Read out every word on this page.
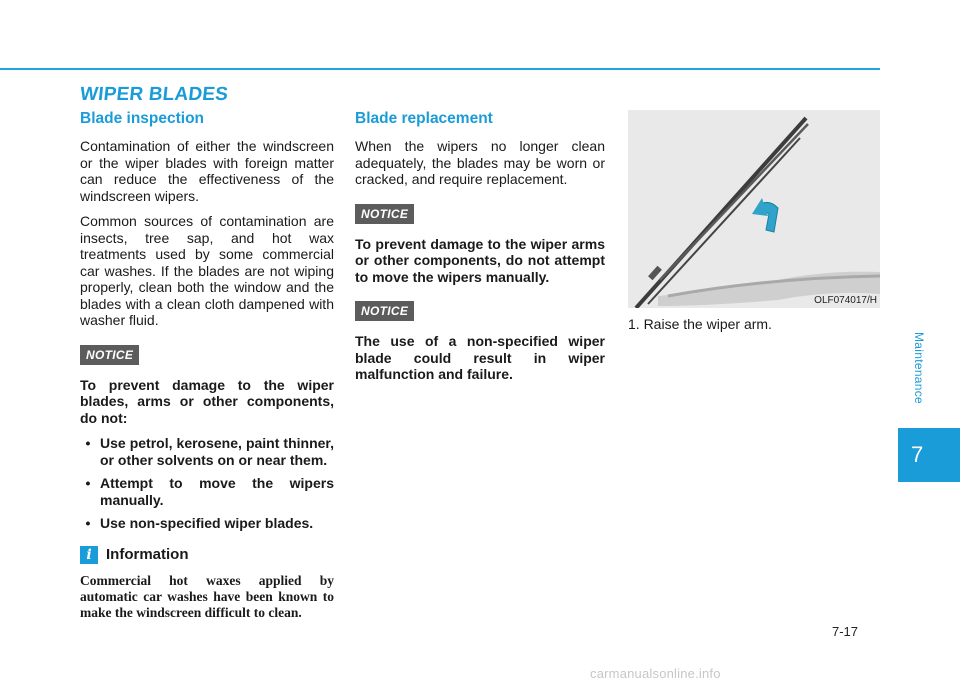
WIPER BLADES
Blade inspection

Contamination of either the windscreen or the wiper blades with foreign matter can reduce the effectiveness of the windscreen wipers.

Common sources of contamination are insects, tree sap, and hot wax treatments used by some commercial car washes. If the blades are not wiping properly, clean both the window and the blades with a clean cloth dampened with washer fluid.

NOTICE

To prevent damage to the wiper blades, arms or other components, do not:

• Use petrol, kerosene, paint thinner, or other solvents on or near them.
• Attempt to move the wipers manually.
• Use non-specified wiper blades.
i Information

Commercial hot waxes applied by automatic car washes have been known to make the windscreen difficult to clean.

Blade replacement

When the wipers no longer clean adequately, the blades may be worn or cracked, and require replacement.

NOTICE

To prevent damage to the wiper arms or other components, do not attempt to move the wipers manually.

NOTICE

The use of a non-specified wiper blade could result in wiper malfunction and failure.

OLF074017/H

1. Raise the wiper arm.

Maintenance
7
7-17
carmanualsonline.info
